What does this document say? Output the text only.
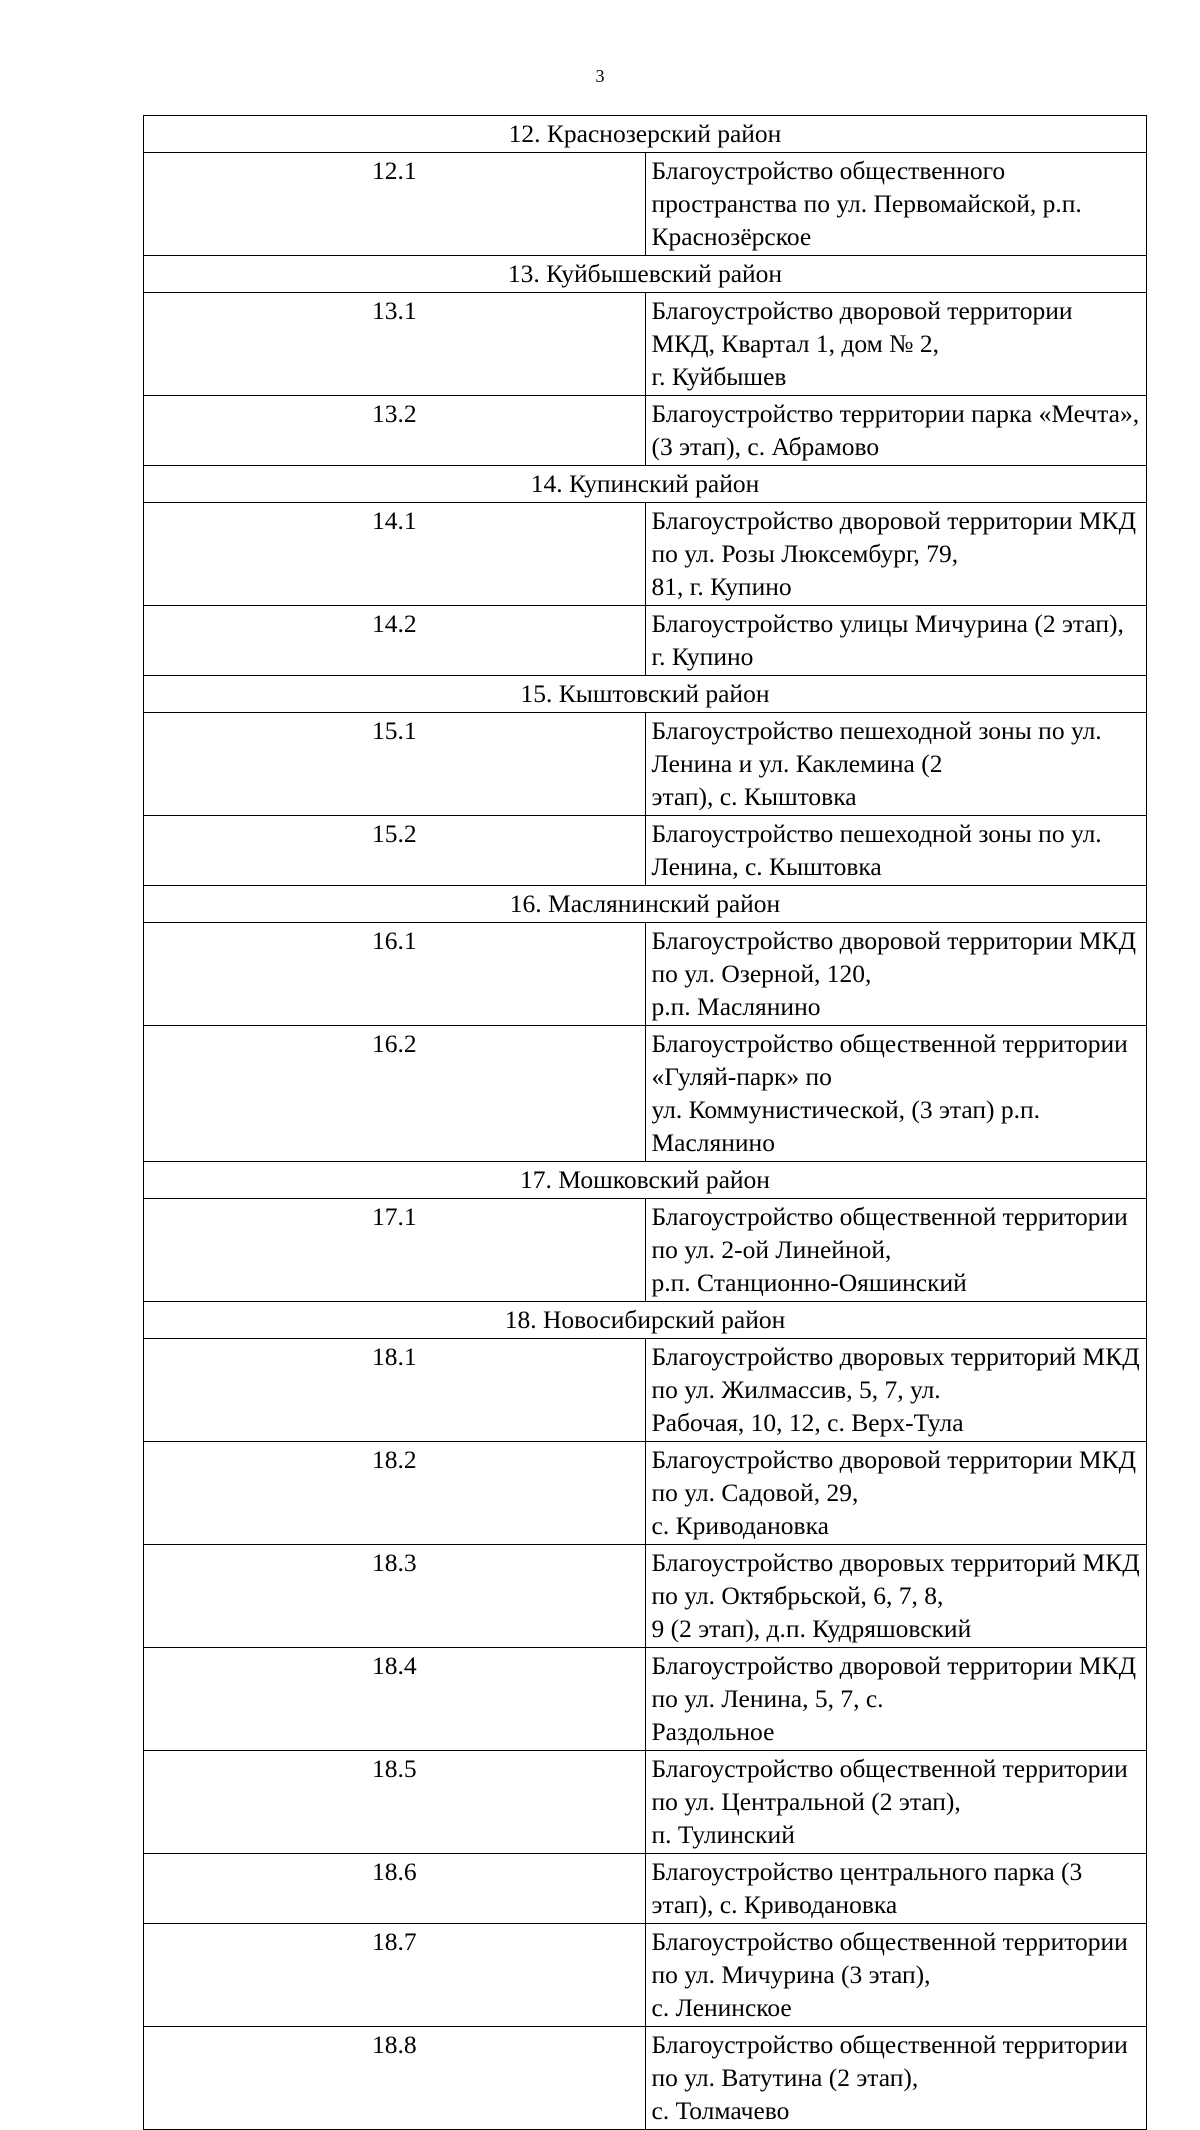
3
12. Краснозерский район	
12.1	Благоустройство общественного пространства по ул. Первомайской, р.п.
Краснозёрское

13. Куйбышевский район	
13.1	Благоустройство дворовой территории МКД, Квартал 1, дом № 2,
г. Куйбышев

13.2	Благоустройство территории парка «Мечта», (3 этап), с. Абрамово

14. Купинский район	
14.1	Благоустройство дворовой территории МКД по ул. Розы Люксембург, 79,
81, г. Купино

14.2	Благоустройство улицы Мичурина (2 этап), г. Купино

15. Кыштовский район	
15.1	Благоустройство пешеходной зоны по ул. Ленина и ул. Каклемина (2
этап), с. Кыштовка

15.2	Благоустройство пешеходной зоны по ул. Ленина, с. Кыштовка

16. Маслянинский район	
16.1	Благоустройство дворовой территории МКД по ул. Озерной, 120,
р.п. Маслянино

16.2	Благоустройство общественной территории «Гуляй-парк» по
ул. Коммунистической, (3 этап) р.п. Маслянино

17. Мошковский район	
17.1	Благоустройство общественной территории по ул. 2-ой Линейной,
р.п. Станционно-Ояшинский

18. Новосибирский район	
18.1	Благоустройство дворовых территорий МКД по ул. Жилмассив, 5, 7, ул.
Рабочая, 10, 12, с. Верх-Тула

18.2	Благоустройство дворовой территории МКД по ул. Садовой, 29,
с. Криводановка

18.3	Благоустройство дворовых территорий МКД по ул. Октябрьской, 6, 7, 8,
9 (2 этап), д.п. Кудряшовский

18.4	Благоустройство дворовой территории МКД по ул. Ленина, 5, 7, с.
Раздольное

18.5	Благоустройство общественной территории по ул. Центральной (2 этап),
п. Тулинский

18.6	Благоустройство центрального парка (3 этап), с. Криводановка

18.7	Благоустройство общественной территории по ул. Мичурина (3 этап),
с. Ленинское

18.8	Благоустройство общественной территории по ул. Ватутина (2 этап),
с. Толмачево
